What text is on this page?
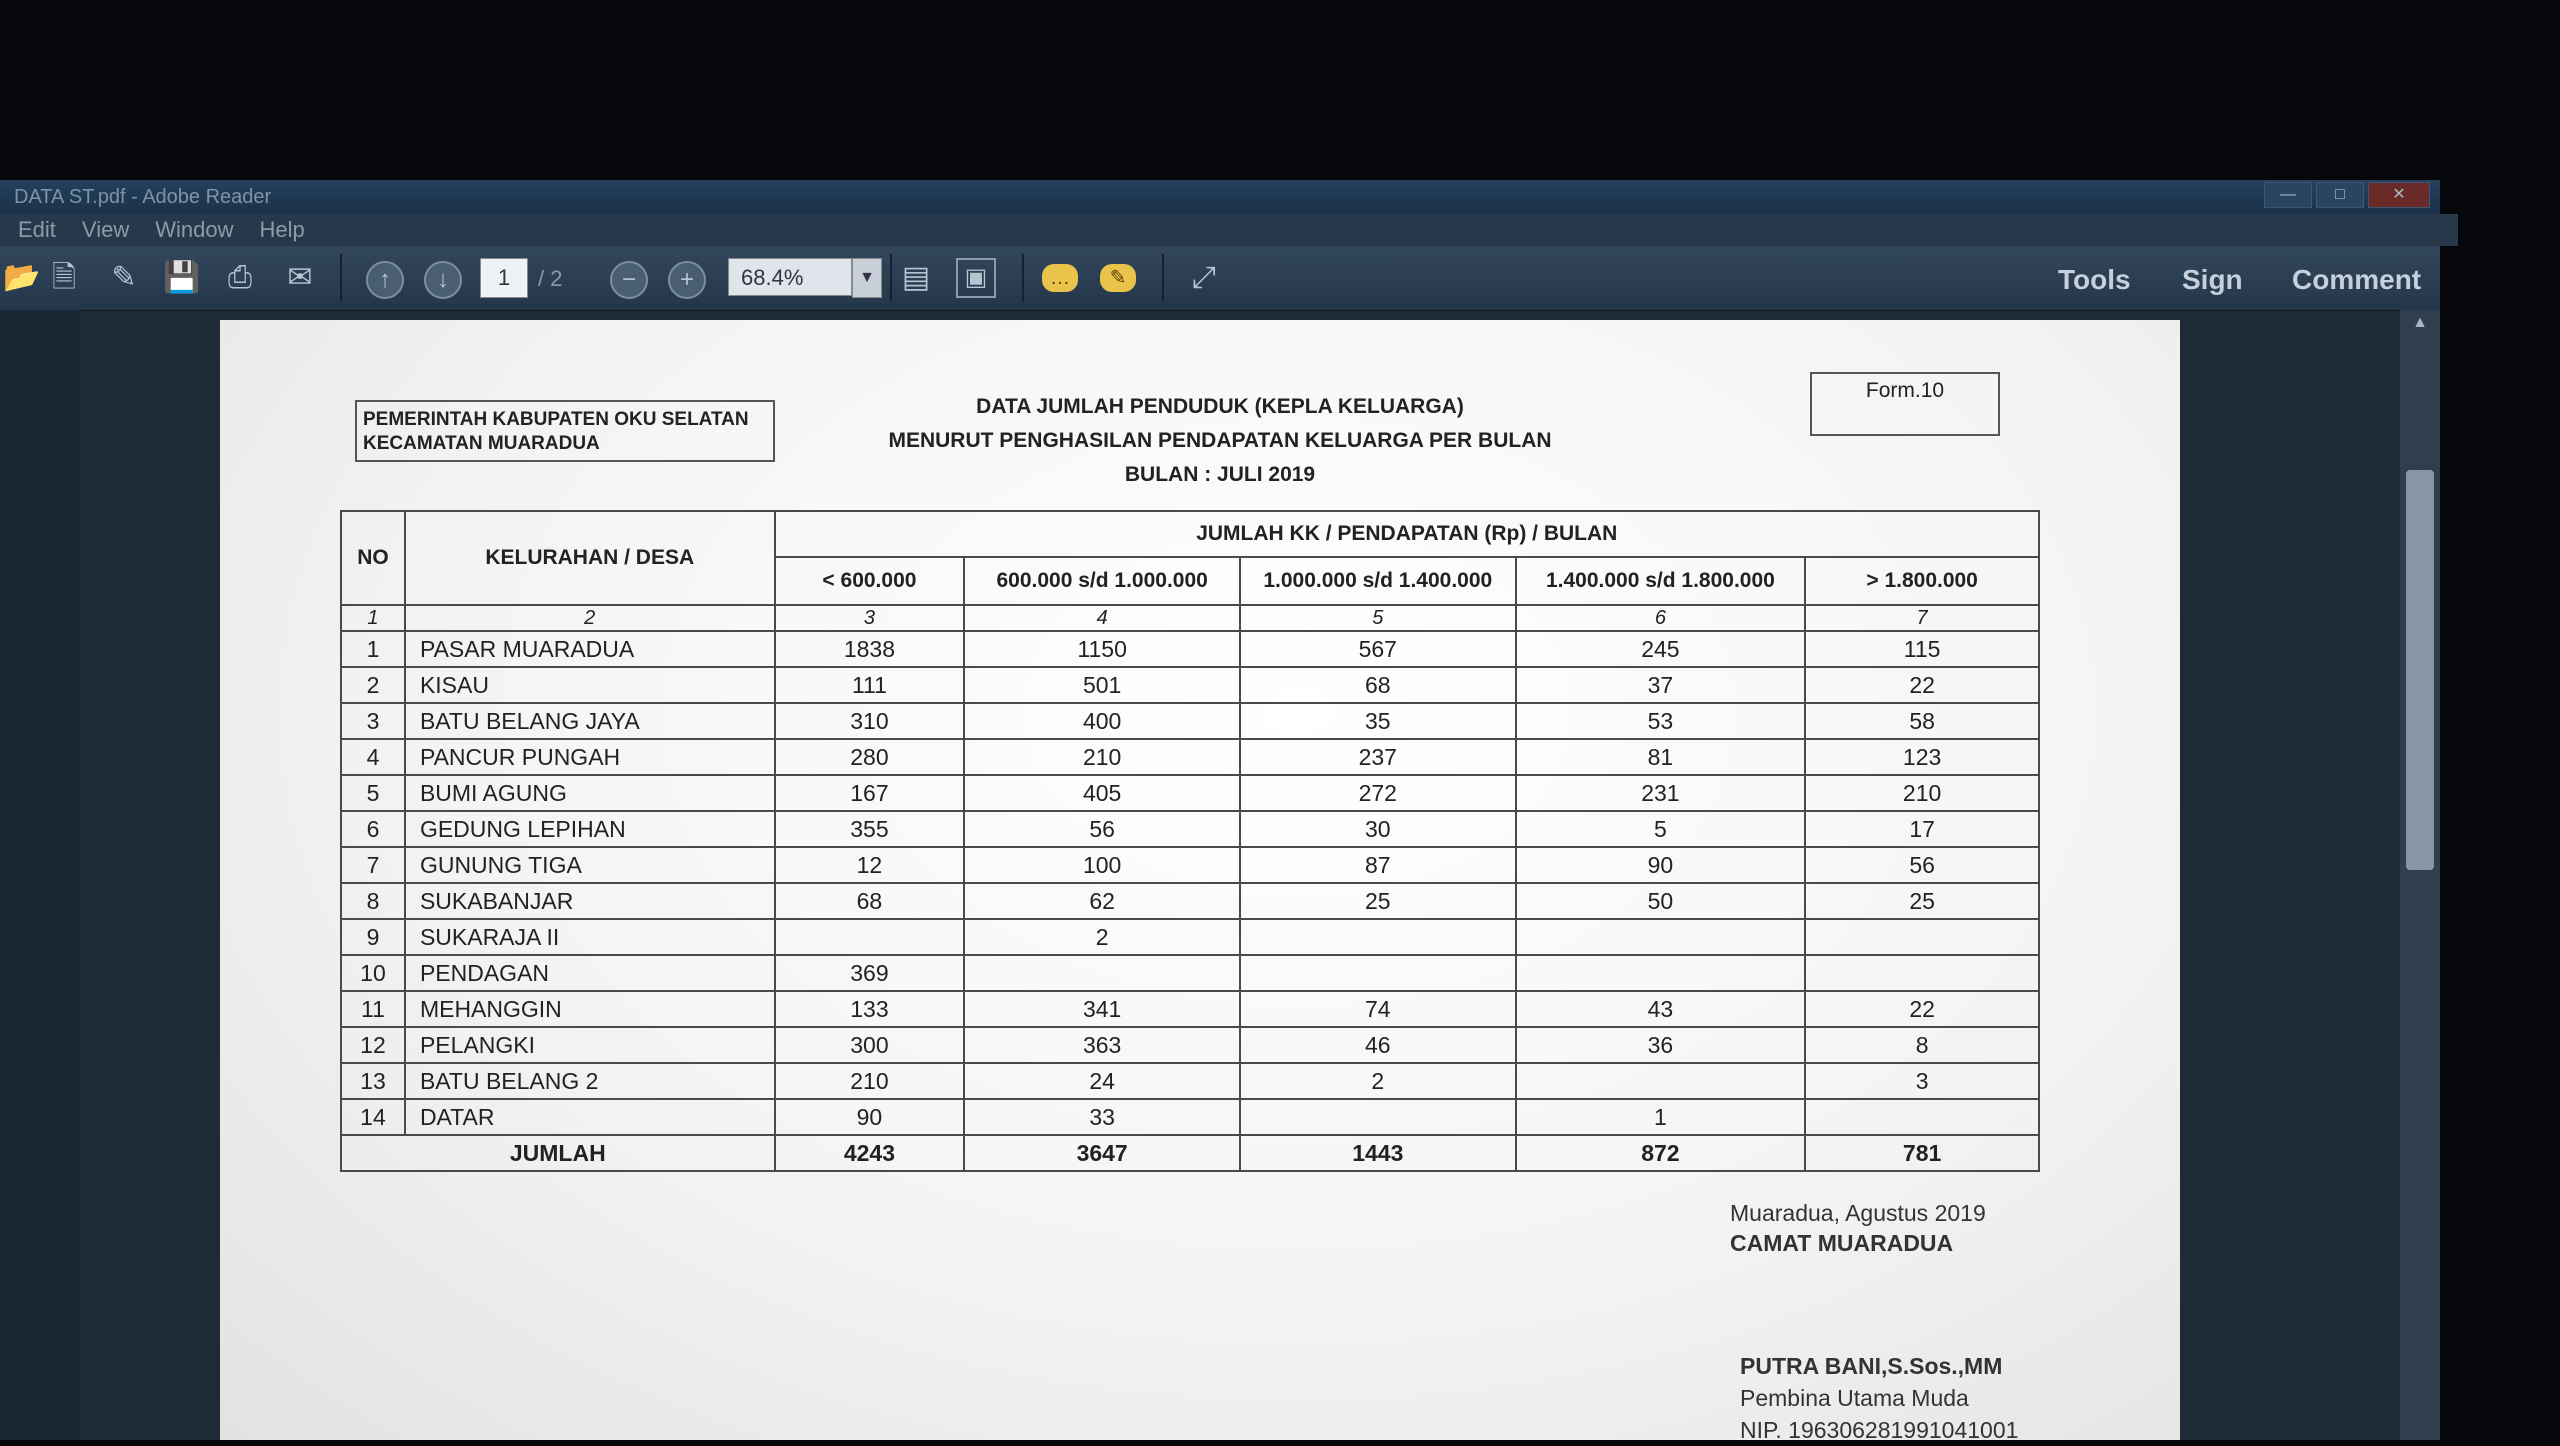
DATA ST.pdf - Adobe Reader	—	□	✕
Edit View Window Help
📂 🗎 ✎ 💾 ⎙ ✉	↑	↓	1	/ 2	−	+	68.4%	▼ ▤	▣	…	✎	⤢	Tools Sign Comment
▲
PEMERINTAH KABUPATEN OKU SELATAN
KECAMATAN MUARADUA
DATA JUMLAH PENDUDUK (KEPLA KELUARGA)
MENURUT PENGHASILAN PENDAPATAN KELUARGA PER BULAN
BULAN : JULI 2019
Form.10
NO	KELURAHAN / DESA	JUMLAH KK / PENDAPATAN (Rp) / BULAN				
		< 600.000	600.000 s/d 1.000.000	1.000.000 s/d 1.400.000	1.400.000 s/d 1.800.000	> 1.800.000
1	2	3	4	5	6	7
1	PASAR MUARADUA	1838	1150	567	245	115
2	KISAU	111	501	68	37	22
3	BATU BELANG JAYA	310	400	35	53	58
4	PANCUR PUNGAH	280	210	237	81	123
5	BUMI AGUNG	167	405	272	231	210
6	GEDUNG LEPIHAN	355	56	30	5	17
7	GUNUNG TIGA	12	100	87	90	56
8	SUKABANJAR	68	62	25	50	25
9	SUKARAJA II		2			
10	PENDAGAN	369				
11	MEHANGGIN	133	341	74	43	22
12	PELANGKI	300	363	46	36	8
13	BATU BELANG 2	210	24	2		3
14	DATAR	90	33		1	
JUMLAH		4243	3647	1443	872	781
Muaradua, Agustus 2019
CAMAT MUARADUA
PUTRA BANI,S.Sos.,MM
Pembina Utama Muda
NIP. 196306281991041001
